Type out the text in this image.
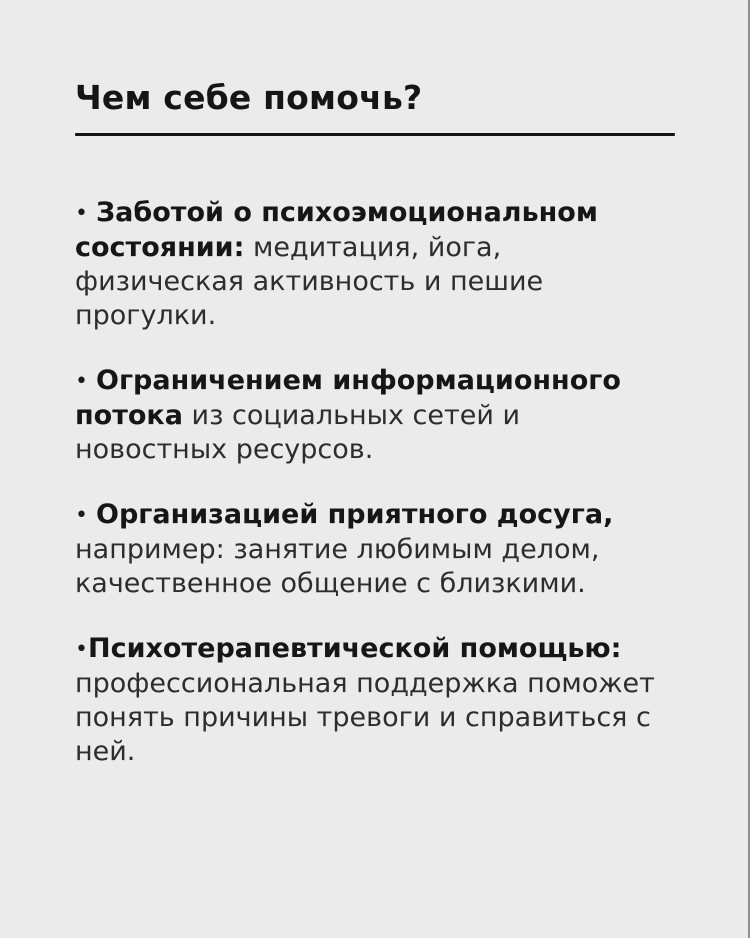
Чем себе помочь?

• Заботой о психоэмоциональном состоянии: медитация, йога, физическая активность и пешие прогулки.

• Ограничением информационного потока из социальных сетей и новостных ресурсов.

• Организацией приятного досуга, например: занятие любимым делом, качественное общение с близкими.

•Психотерапевтической помощью: профессиональная поддержка поможет понять причины тревоги и справиться с ней.
